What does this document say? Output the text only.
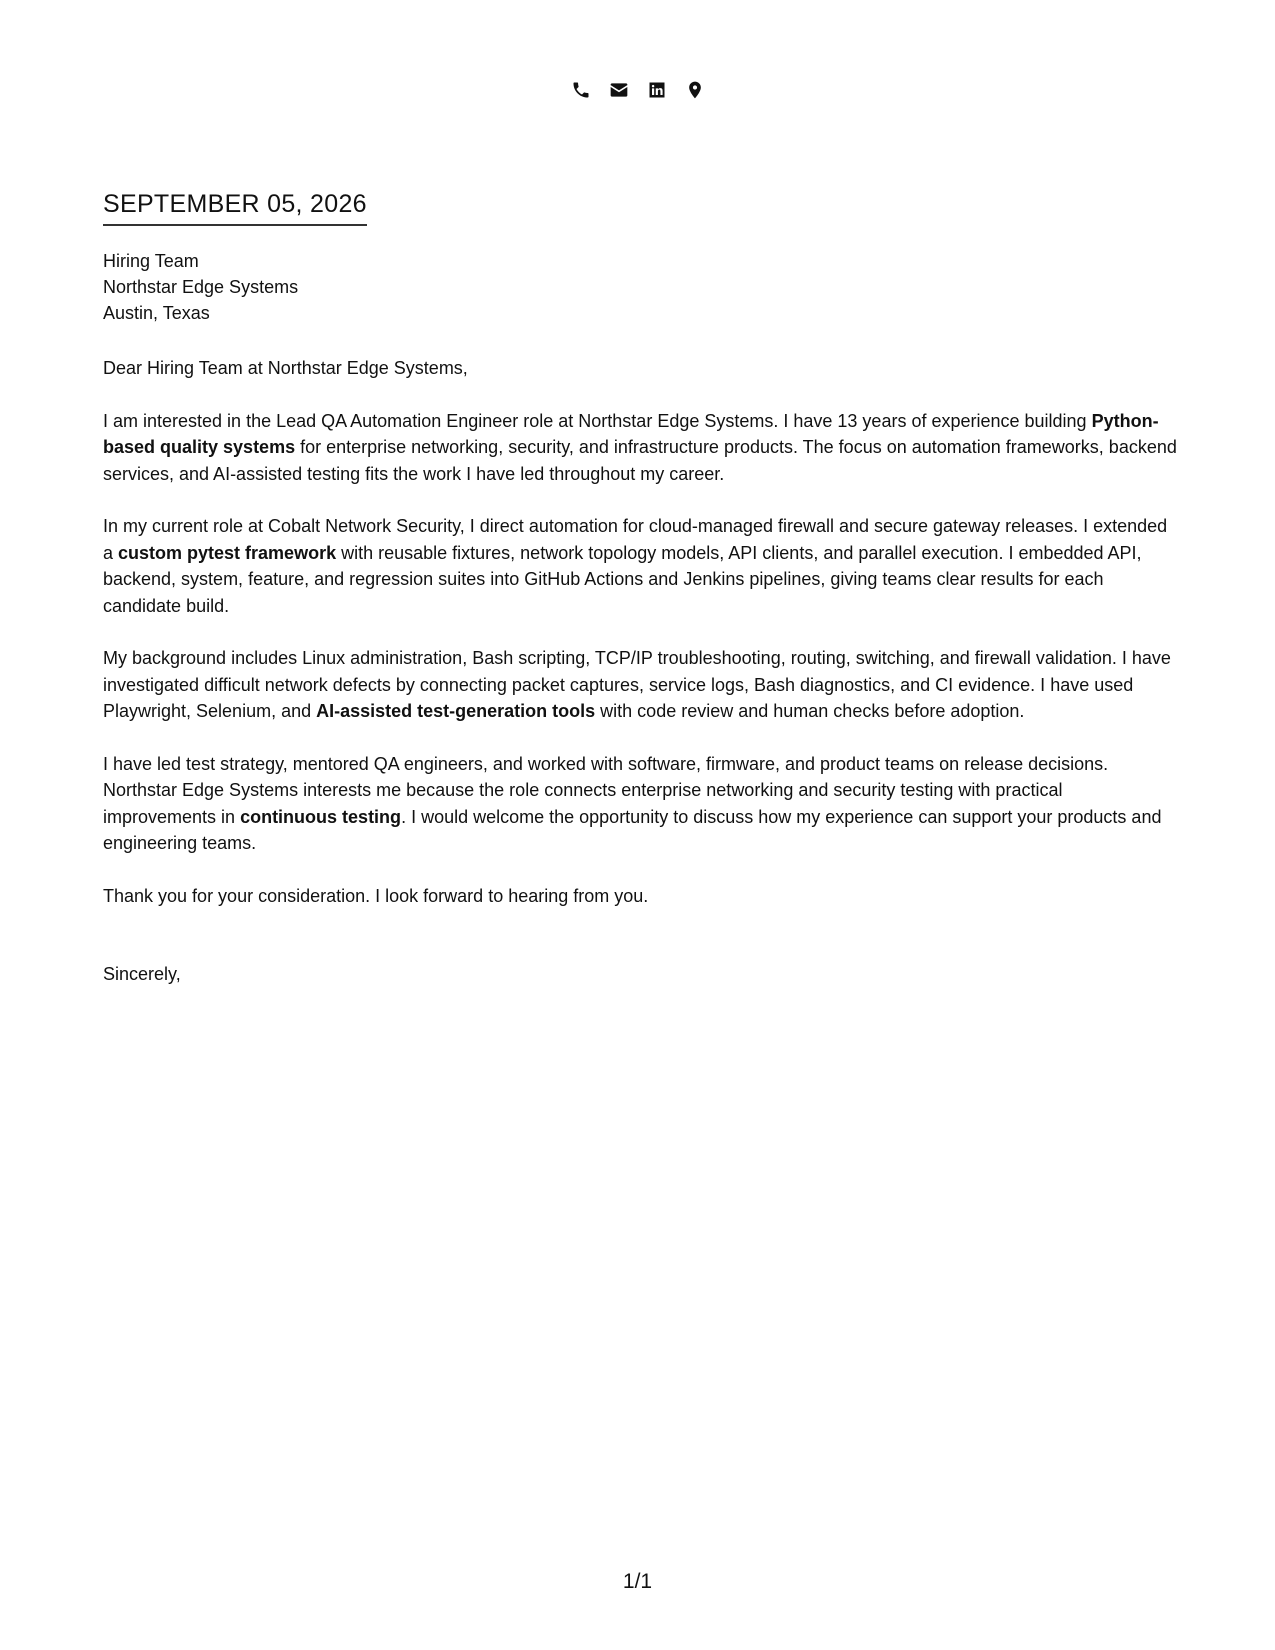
SEPTEMBER 05, 2026
Hiring Team
Northstar Edge Systems
Austin, Texas

Dear Hiring Team at Northstar Edge Systems,

I am interested in the Lead QA Automation Engineer role at Northstar Edge Systems. I have 13 years of experience building Python-based quality systems for enterprise networking, security, and infrastructure products. The focus on automation frameworks, backend services, and AI-assisted testing fits the work I have led throughout my career.

In my current role at Cobalt Network Security, I direct automation for cloud-managed firewall and secure gateway releases. I extended a custom pytest framework with reusable fixtures, network topology models, API clients, and parallel execution. I embedded API, backend, system, feature, and regression suites into GitHub Actions and Jenkins pipelines, giving teams clear results for each candidate build.

My background includes Linux administration, Bash scripting, TCP/IP troubleshooting, routing, switching, and firewall validation. I have investigated difficult network defects by connecting packet captures, service logs, Bash diagnostics, and CI evidence. I have used Playwright, Selenium, and AI-assisted test-generation tools with code review and human checks before adoption.

I have led test strategy, mentored QA engineers, and worked with software, firmware, and product teams on release decisions. Northstar Edge Systems interests me because the role connects enterprise networking and security testing with practical improvements in continuous testing. I would welcome the opportunity to discuss how my experience can support your products and engineering teams.

Thank you for your consideration. I look forward to hearing from you.

Sincerely,
1/1
